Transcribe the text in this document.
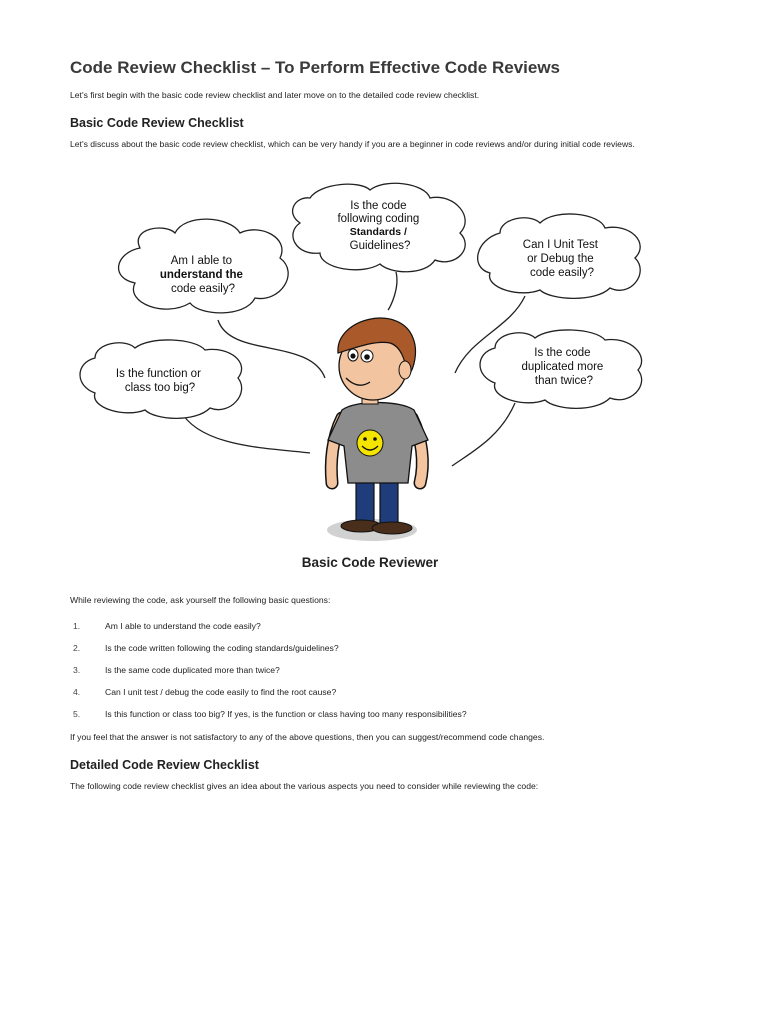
Code Review Checklist – To Perform Effective Code Reviews

Let's first begin with the basic code review checklist and later move on to the detailed code review checklist.

Basic Code Review Checklist

Let's discuss about the basic code review checklist, which can be very handy if you are a beginner in code reviews and/or during initial code reviews.

Am I able to understand the code easily?
Is the code following coding Standards / Guidelines?	Can I Unit Test or Debug the code easily?
Is the function or class too big?
Is the code duplicated more than twice?
Basic Code Reviewer

While reviewing the code, ask yourself the following basic questions:

1.	Am I able to understand the code easily?
2.	Is the code written following the coding standards/guidelines?
3.	Is the same code duplicated more than twice?
4.	Can I unit test / debug the code easily to find the root cause?
5.	Is this function or class too big? If yes, is the function or class having too many responsibilities?

If you feel that the answer is not satisfactory to any of the above questions, then you can suggest/recommend code changes.

Detailed Code Review Checklist

The following code review checklist gives an idea about the various aspects you need to consider while reviewing the code:
